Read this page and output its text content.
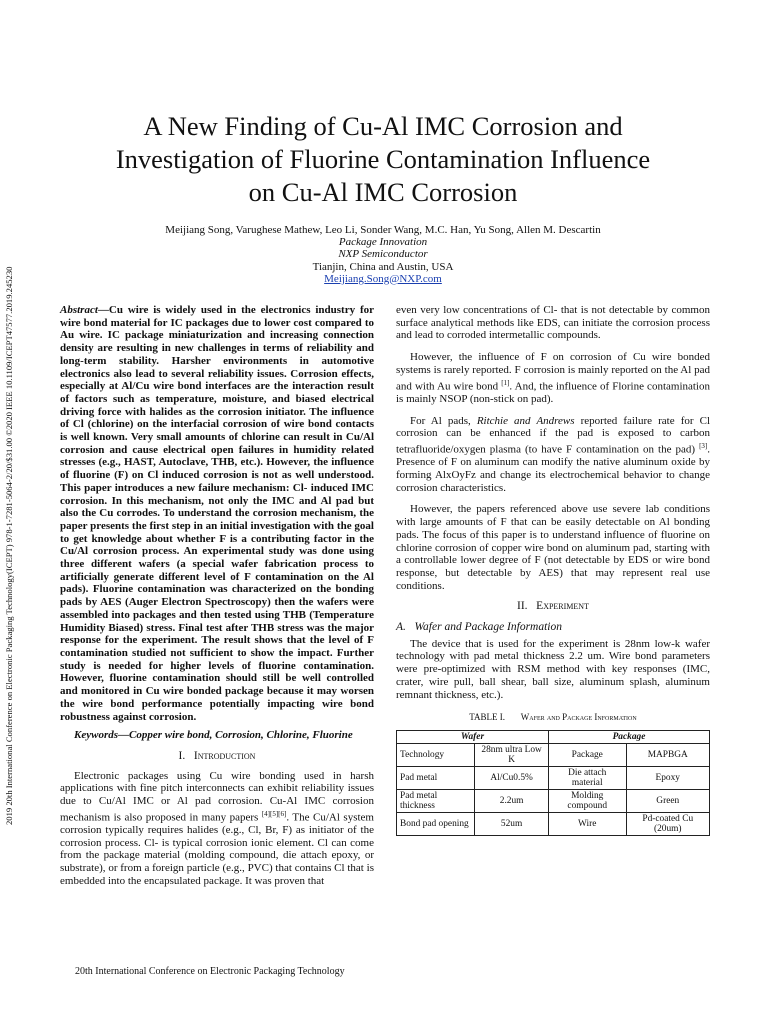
2019 20th International Conference on Electronic Packaging Technology(ICEPT) 978-1-7281-5064-2/20/$31.00 ©2020 IEEE 10.1109/ICEPT47577.2019.245230
A New Finding of Cu-Al IMC Corrosion and
Investigation of Fluorine Contamination Influence
on Cu-Al IMC Corrosion
Meijiang Song, Varughese Mathew, Leo Li, Sonder Wang, M.C. Han, Yu Song, Allen M. Descartin
Package Innovation
NXP Semiconductor
Tianjin, China and Austin, USA
Meijiang.Song@NXP.com

Abstract—Cu wire is widely used in the electronics industry for wire bond material for IC packages due to lower cost compared to Au wire. IC package miniaturization and increasing connection density are resulting in new challenges in terms of reliability and long-term stability. Harsher environments in automotive electronics also lead to several reliability issues. Corrosion effects, especially at Al/Cu wire bond interfaces are the interaction result of factors such as temperature, moisture, and biased electrical driving force with halides as the corrosion initiator. The influence of Cl (chlorine) on the interfacial corrosion of wire bond contacts is well known. Very small amounts of chlorine can result in Cu/Al corrosion and cause electrical open failures in humidity related stresses (e.g., HAST, Autoclave, THB, etc.). However, the influence of fluorine (F) on Cl induced corrosion is not as well understood. This paper introduces a new failure mechanism: Cl- induced IMC corrosion. In this mechanism, not only the IMC and Al pad but also the Cu corrodes. To understand the corrosion mechanism, the paper presents the first step in an initial investigation with the goal to get knowledge about whether F is a contributing factor in the Cu/Al corrosion process. An experimental study was done using three different wafers (a special wafer fabrication process to artificially generate different level of F contamination on the Al pads). Fluorine contamination was characterized on the bonding pads by AES (Auger Electron Spectroscopy) then the wafers were assembled into packages and then tested using THB (Temperature Humidity Biased) stress. Final test after THB stress was the major response for the experiment. The result shows that the level of F contamination studied not sufficient to show the impact. Further study is needed for higher levels of fluorine contamination. However, fluorine contamination should still be well controlled and monitored in Cu wire bonded package because it may worsen the wire bond performance potentially impacting wire bond robustness against corrosion.

Keywords—Copper wire bond, Corrosion, Chlorine, Fluorine

I. Introduction

Electronic packages using Cu wire bonding used in harsh applications with fine pitch interconnects can exhibit reliability issues due to Cu/Al IMC or Al pad corrosion. Cu-Al IMC corrosion mechanism is also proposed in many papers [4][5][6]. The Cu/Al system corrosion typically requires halides (e.g., Cl, Br, F) as initiator of the corrosion process. Cl- is typical corrosion ionic element. Cl can come from the package material (molding compound, die attach epoxy, or substrate), or from a foreign particle (e.g., PVC) that contains Cl that is embedded into the encapsulated package. It was proven that

even very low concentrations of Cl- that is not detectable by common surface analytical methods like EDS, can initiate the corrosion process and lead to corroded intermetallic compounds.

However, the influence of F on corrosion of Cu wire bonded systems is rarely reported. F corrosion is mainly reported on the Al pad and with Au wire bond [1]. And, the influence of Florine contamination is mainly NSOP (non-stick on pad).

For Al pads, Ritchie and Andrews reported failure rate for Cl corrosion can be enhanced if the pad is exposed to carbon tetrafluoride/oxygen plasma (to have F contamination on the pad) [3]. Presence of F on aluminum can modify the native aluminum oxide by forming AlxOyFz and change its electrochemical behavior to change corrosion characteristics.

However, the papers referenced above use severe lab conditions with large amounts of F that can be easily detectable on Al bonding pads. The focus of this paper is to understand influence of fluorine on chlorine corrosion of copper wire bond on aluminum pad, starting with a controllable lower degree of F (not detectable by EDS or wire bond response, but detectable by AES) that may represent real use conditions.

II. Experiment
A. Wafer and Package Information

The device that is used for the experiment is 28nm low-k wafer technology with pad metal thickness 2.2 um. Wire bond parameters were pre-optimized with RSM method with key responses (IMC, crater, wire pull, ball shear, ball size, aluminum splash, aluminum remnant thickness, etc.).

TABLE I. Wafer and Package Information
Wafer		Package	
Technology	28nm ultra Low K	Package	MAPBGA
Pad metal	Al/Cu0.5%	Die attach material	Epoxy
Pad metal thickness	2.2um	Molding compound	Green
Bond pad opening	52um	Wire	Pd-coated Cu (20um)
20th International Conference on Electronic Packaging Technology
